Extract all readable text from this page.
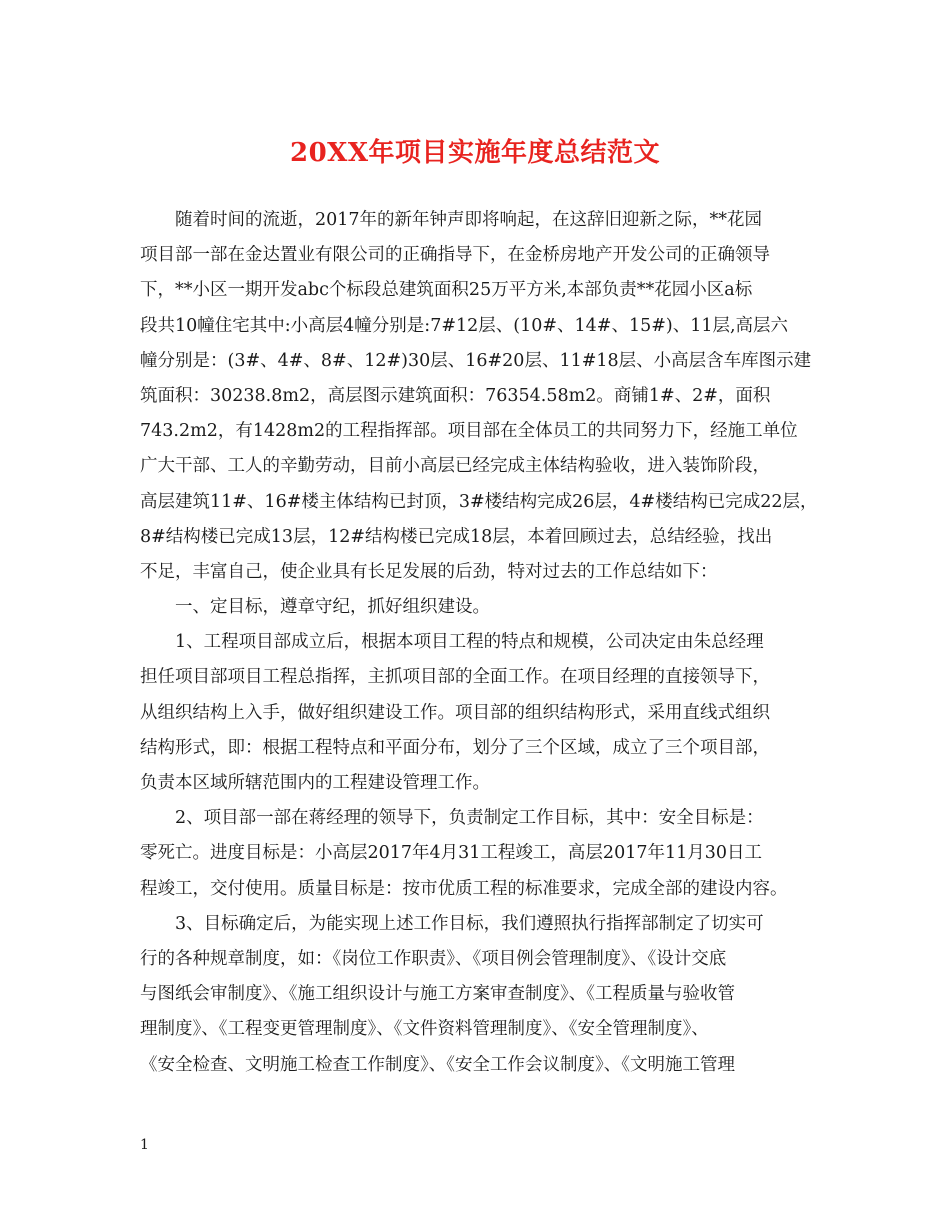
20XX年项目实施年度总结范文
随着时间的流逝，2017年的新年钟声即将响起，在这辞旧迎新之际，**花园
项目部一部在金达置业有限公司的正确指导下，在金桥房地产开发公司的正确领导
下，**小区一期开发abc个标段总建筑面积25万平方米,本部负责**花园小区a标
段共10幢住宅其中:小高层4幢分别是:7#12层、(10#、14#、15#)、11层,高层六
幢分别是：(3#、4#、8#、12#)30层、16#20层、11#18层、小高层含车库图示建
筑面积：30238.8m2，高层图示建筑面积：76354.58m2。商铺1#、2#，面积
743.2m2，有1428m2的工程指挥部。项目部在全体员工的共同努力下，经施工单位
广大干部、工人的辛勤劳动，目前小高层已经完成主体结构验收，进入装饰阶段，
高层建筑11#、16#楼主体结构已封顶，3#楼结构完成26层，4#楼结构已完成22层，
8#结构楼已完成13层，12#结构楼已完成18层，本着回顾过去，总结经验，找出
不足，丰富自己，使企业具有长足发展的后劲，特对过去的工作总结如下：
一、定目标，遵章守纪，抓好组织建设。
1、工程项目部成立后，根据本项目工程的特点和规模，公司决定由朱总经理
担任项目部项目工程总指挥，主抓项目部的全面工作。在项目经理的直接领导下，
从组织结构上入手，做好组织建设工作。项目部的组织结构形式，采用直线式组织
结构形式，即：根据工程特点和平面分布，划分了三个区域，成立了三个项目部，
负责本区域所辖范围内的工程建设管理工作。
2、项目部一部在蒋经理的领导下，负责制定工作目标，其中：安全目标是：
零死亡。进度目标是：小高层2017年4月31工程竣工，高层2017年11月30日工
程竣工，交付使用。质量目标是：按市优质工程的标准要求，完成全部的建设内容。
3、目标确定后，为能实现上述工作目标，我们遵照执行指挥部制定了切实可
行的各种规章制度，如：《岗位工作职责》、《项目例会管理制度》、《设计交底
与图纸会审制度》、《施工组织设计与施工方案审查制度》、《工程质量与验收管
理制度》、《工程变更管理制度》、《文件资料管理制度》、《安全管理制度》、
《安全检查、文明施工检查工作制度》、《安全工作会议制度》、《文明施工管理
1
